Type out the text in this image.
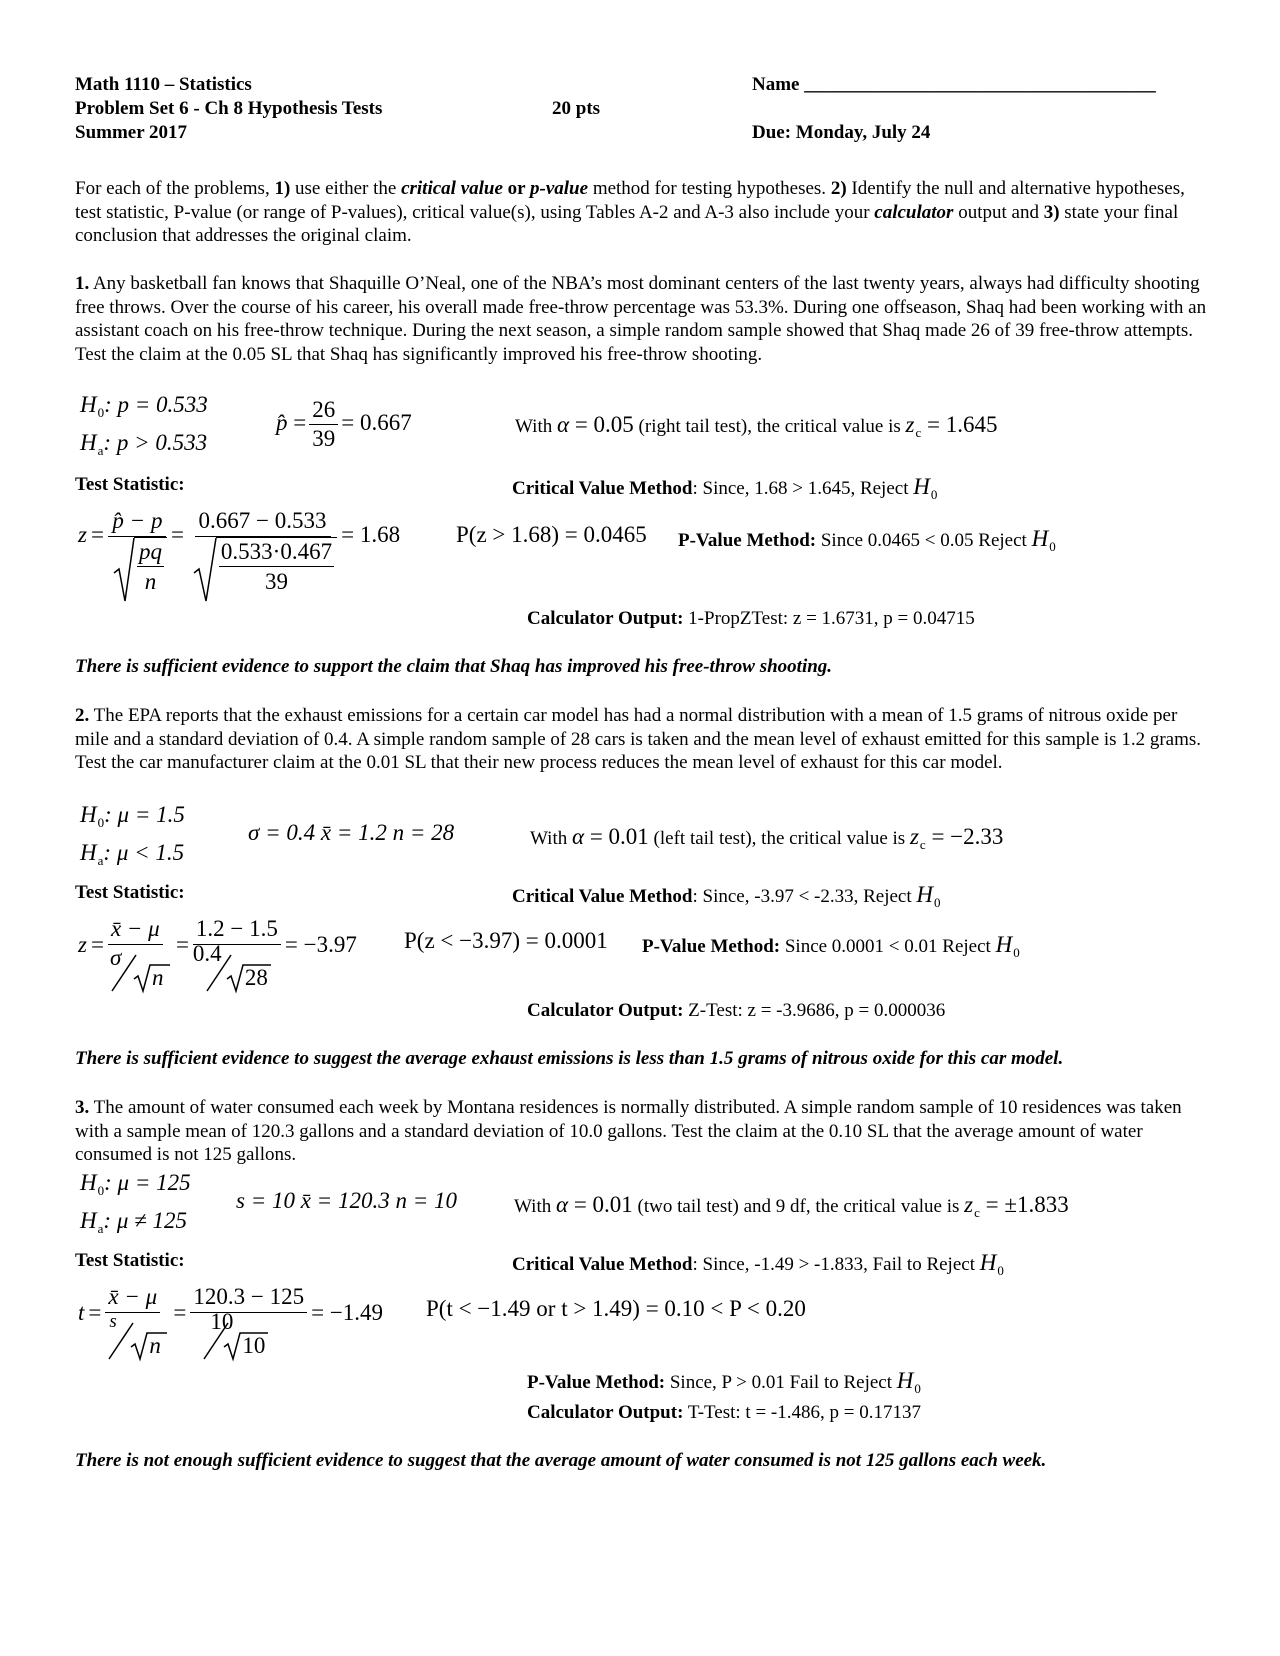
Math 1110 – Statistics
Problem Set 6 - Ch 8 Hypothesis Tests
Summer 2017
20 pts
Name _____________________________________
Due: Monday, July 24
For each of the problems, 1) use either the critical value or p-value method for testing hypotheses. 2) Identify the null and alternative hypotheses, test statistic, P-value (or range of P-values), critical value(s), using Tables A-2 and A-3 also include your calculator output and 3) state your final conclusion that addresses the original claim.
1. Any basketball fan knows that Shaquille O’Neal, one of the NBA’s most dominant centers of the last twenty years, always had difficulty shooting free throws. Over the course of his career, his overall made free-throw percentage was 53.3%. During one offseason, Shaq had been working with an assistant coach on his free-throw technique. During the next season, a simple random sample showed that Shaq made 26 of 39 free-throw attempts. Test the claim at the 0.05 SL that Shaq has significantly improved his free-throw shooting.
$H_0$: p = 0.533
$H_a$: p > 0.533
p̂ = $\frac{26}{39} = 0.667$	With α = 0.05 (right tail test), the critical value is $z_c = 1.645$
Test Statistic:	Critical Value Method: Since, 1.68 > 1.645, Reject $H_0$
z =
p̂ − p
$\frac{pq}{n}$
= $\frac{0.667 - 0.533}{\frac{0.533\cdot 0.467}{39}} = 1.68$ P(z > 1.68) = 0.0465 P-Value Method: Since 0.0465 < 0.05 Reject $H_0$
Calculator Output: 1-PropZTest: z = 1.6731, p = 0.04715
There is sufficient evidence to support the claim that Shaq has improved his free-throw shooting.
2. The EPA reports that the exhaust emissions for a certain car model has had a normal distribution with a mean of 1.5 grams of nitrous oxide per mile and a standard deviation of 0.4. A simple random sample of 28 cars is taken and the mean level of exhaust emitted for this sample is 1.2 grams. Test the car manufacturer claim at the 0.01 SL that their new process reduces the mean level of exhaust for this car model.
$H_0$: μ = 1.5
$H_a$: μ < 1.5
σ = 0.4 x̄ = 1.2 n = 28	With α = 0.01 (left tail test), the critical value is $z_c = -2.33$
Test Statistic:	Critical Value Method: Since, -3.97 < -2.33, Reject $H_0$
z = x̄ − μ
σ
n = 1.2 − 1.5
0.4
28 = −3.97 P(z < −3.97) = 0.0001 P-Value Method: Since 0.0001 < 0.01 Reject $H_0$
Calculator Output: Z-Test: z = -3.9686, p = 0.000036
There is sufficient evidence to suggest the average exhaust emissions is less than 1.5 grams of nitrous oxide for this car model.
3. The amount of water consumed each week by Montana residences is normally distributed. A simple random sample of 10 residences was taken with a sample mean of 120.3 gallons and a standard deviation of 10.0 gallons. Test the claim at the 0.10 SL that the average amount of water consumed is not 125 gallons.
$H_0$: μ = 125
$H_a$: μ ≠ 125
s = 10 x̄ = 120.3 n = 10	With α = 0.01 (two tail test) and 9 df, the critical value is $z_c = \pm 1.833$
Test Statistic:	Critical Value Method: Since, -1.49 > -1.833, Fail to Reject $H_0$
t = x̄ − μ
s
n = 120.3 − 125
10
10 = −1.49 P(t < −1.49 or t > 1.49) = 0.10 < P < 0.20
P-Value Method: Since, P > 0.01 Fail to Reject $H_0$
Calculator Output: T-Test: t = -1.486, p = 0.17137
There is not enough sufficient evidence to suggest that the average amount of water consumed is not 125 gallons each week.
